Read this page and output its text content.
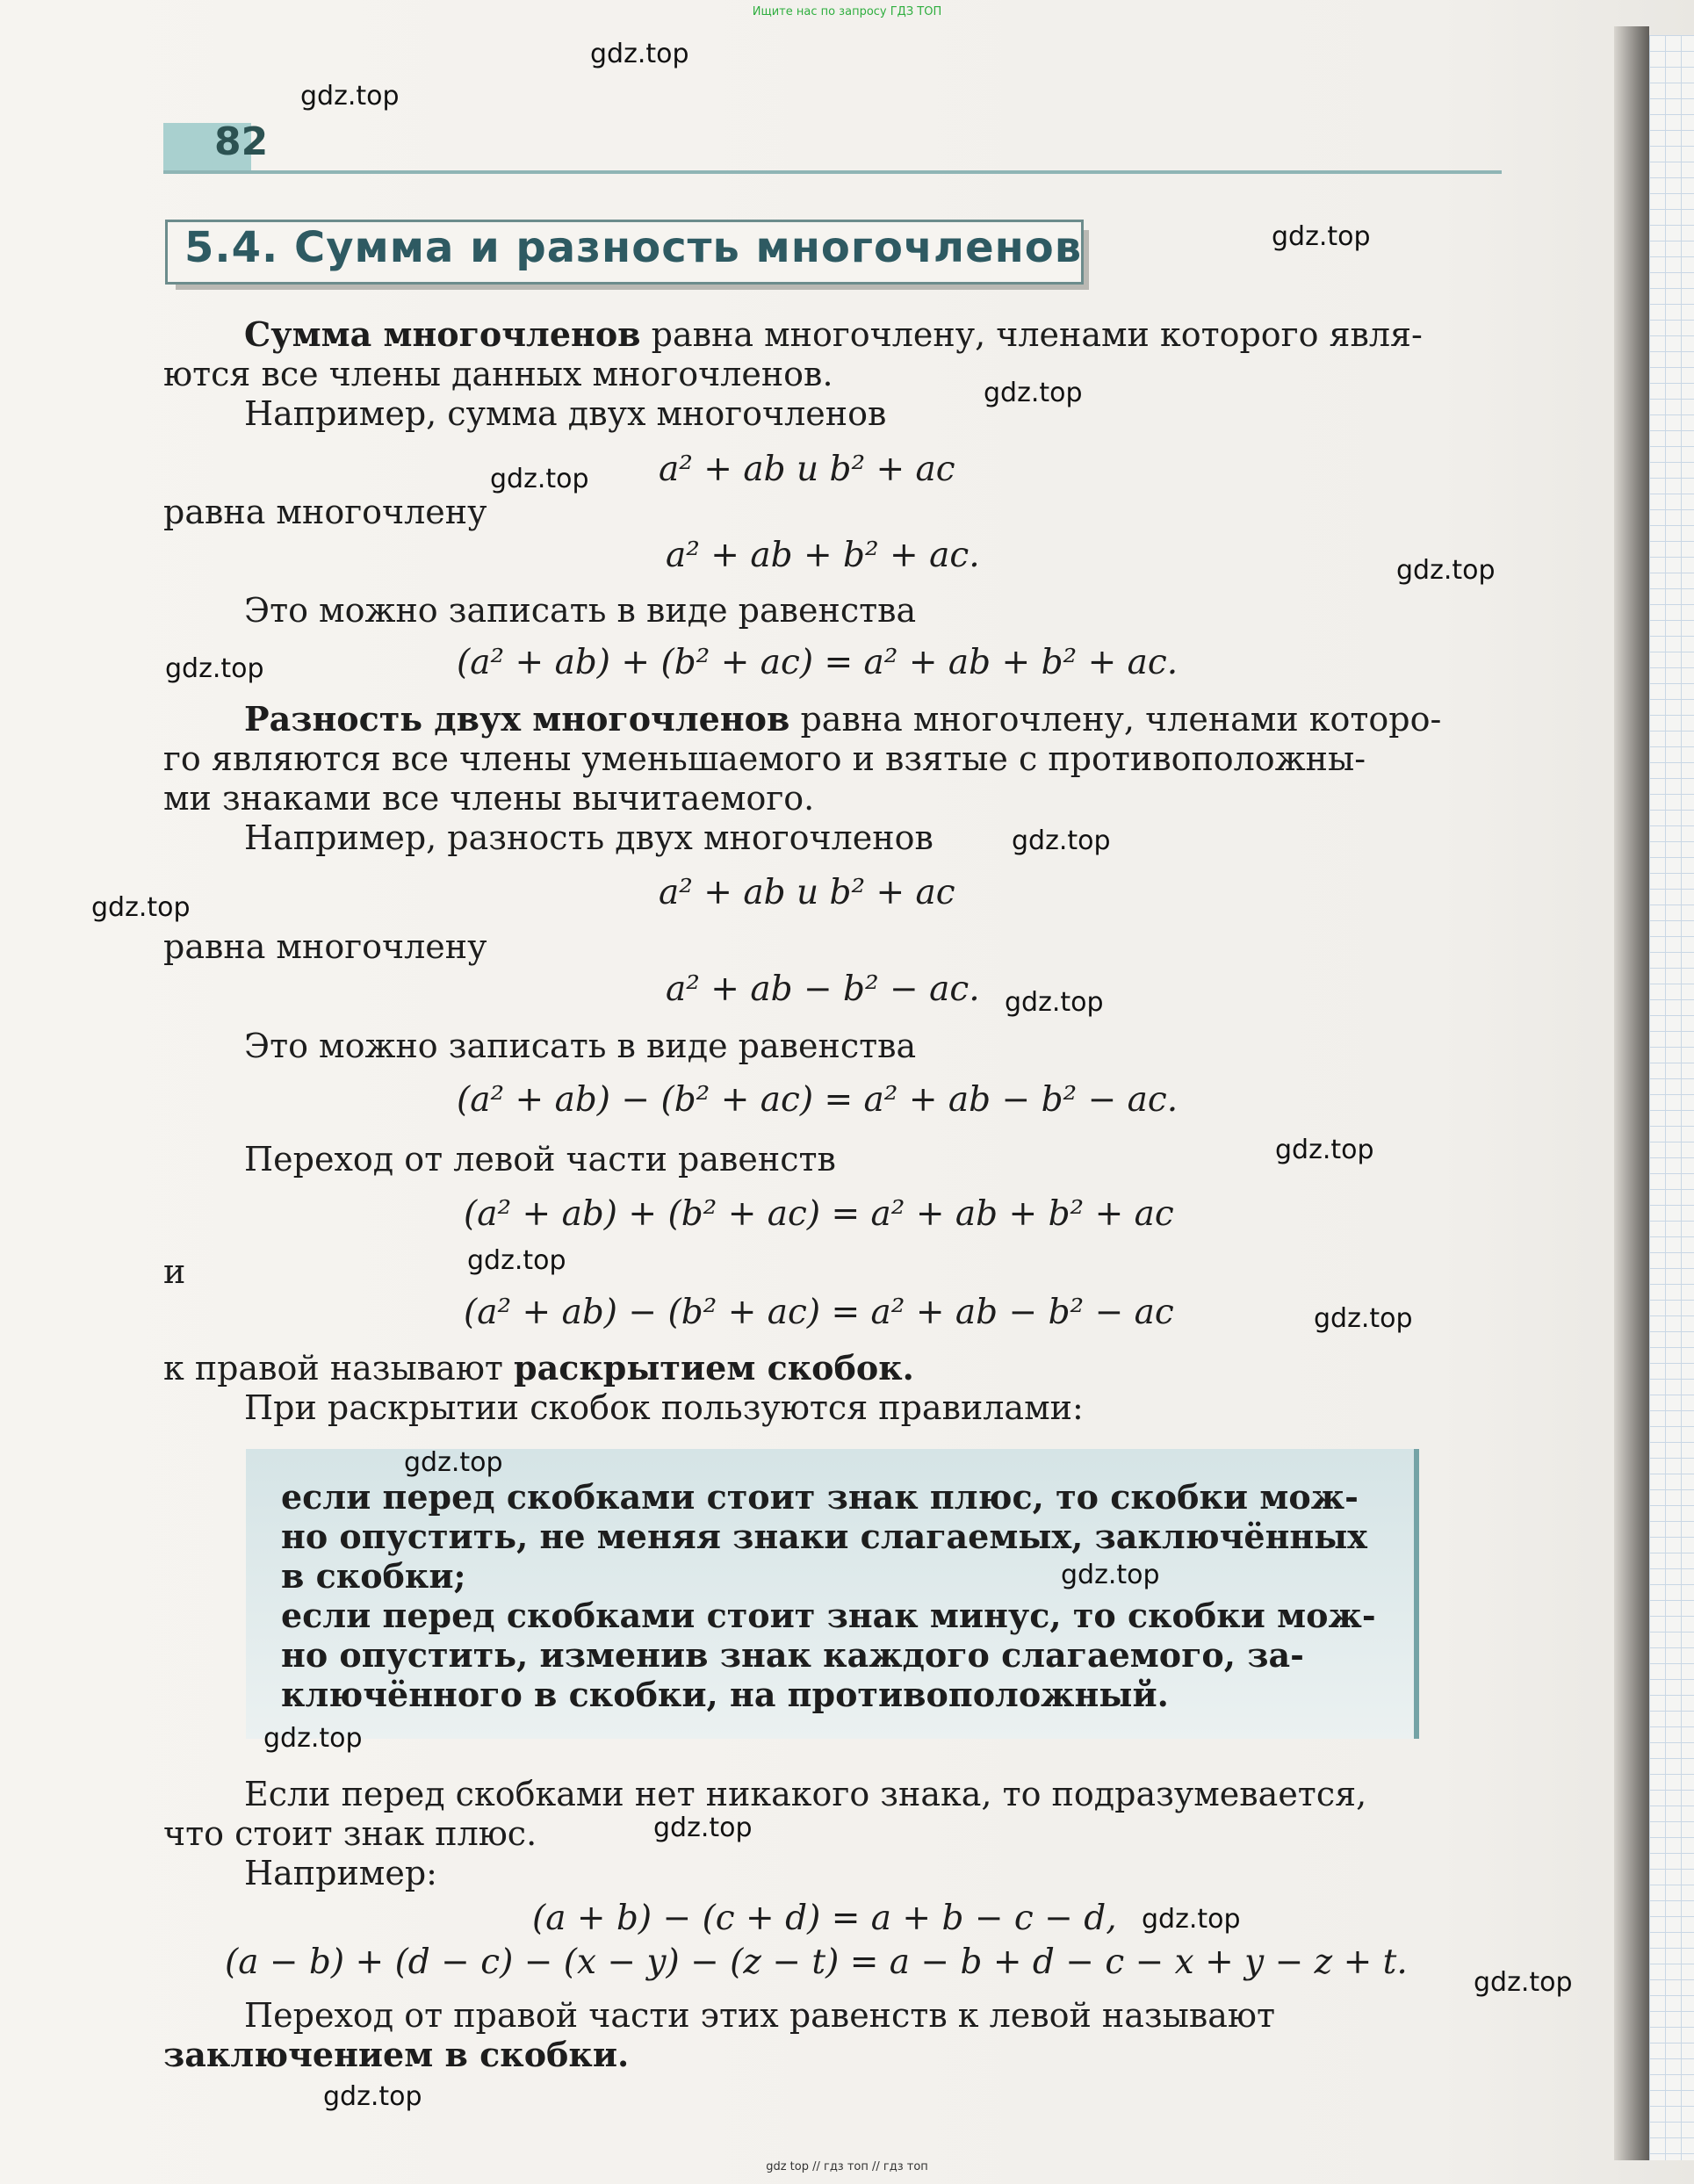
Ищите нас по запросу ГДЗ ТОП

82
5.4. Сумма и разность многочленов
Сумма многочленов равна многочлену, членами которого явля-
ются все члены данных многочленов.
Например, сумма двух многочленов
a² + ab и b² + ac
равна многочлену
a² + ab + b² + ac.
Это можно записать в виде равенства
(a² + ab) + (b² + ac) = a² + ab + b² + ac.
Разность двух многочленов равна многочлену, членами которо-
го являются все члены уменьшаемого и взятые с противоположны-
ми знаками все члены вычитаемого.
Например, разность двух многочленов
a² + ab и b² + ac
равна многочлену
a² + ab − b² − ac.
Это можно записать в виде равенства
(a² + ab) − (b² + ac) = a² + ab − b² − ac.
Переход от левой части равенств
(a² + ab) + (b² + ac) = a² + ab + b² + ac
и
(a² + ab) − (b² + ac) = a² + ab − b² − ac
к правой называют раскрытием скобок.
При раскрытии скобок пользуются правилами:
если перед скобками стоит знак плюс, то скобки мож-
но опустить, не меняя знаки слагаемых, заключённых
в скобки;
если перед скобками стоит знак минус, то скобки мож-
но опустить, изменив знак каждого слагаемого, за-
ключённого в скобки, на противоположный.
Если перед скобками нет никакого знака, то подразумевается,
что стоит знак плюс.
Например:
(a + b) − (c + d) = a + b − c − d,
(a − b) + (d − c) − (x − y) − (z − t) = a − b + d − c − x + y − z + t.
Переход от правой части этих равенств к левой называют
заключением в скобки.
gdz.top
gdz.top
gdz.top
gdz.top
gdz.top
gdz.top
gdz.top
gdz.top
gdz.top
gdz.top
gdz.top
gdz.top
gdz.top
gdz.top
gdz.top
gdz.top
gdz.top
gdz.top
gdz.top
gdz.top
gdz top // гдз топ // гдз топ
